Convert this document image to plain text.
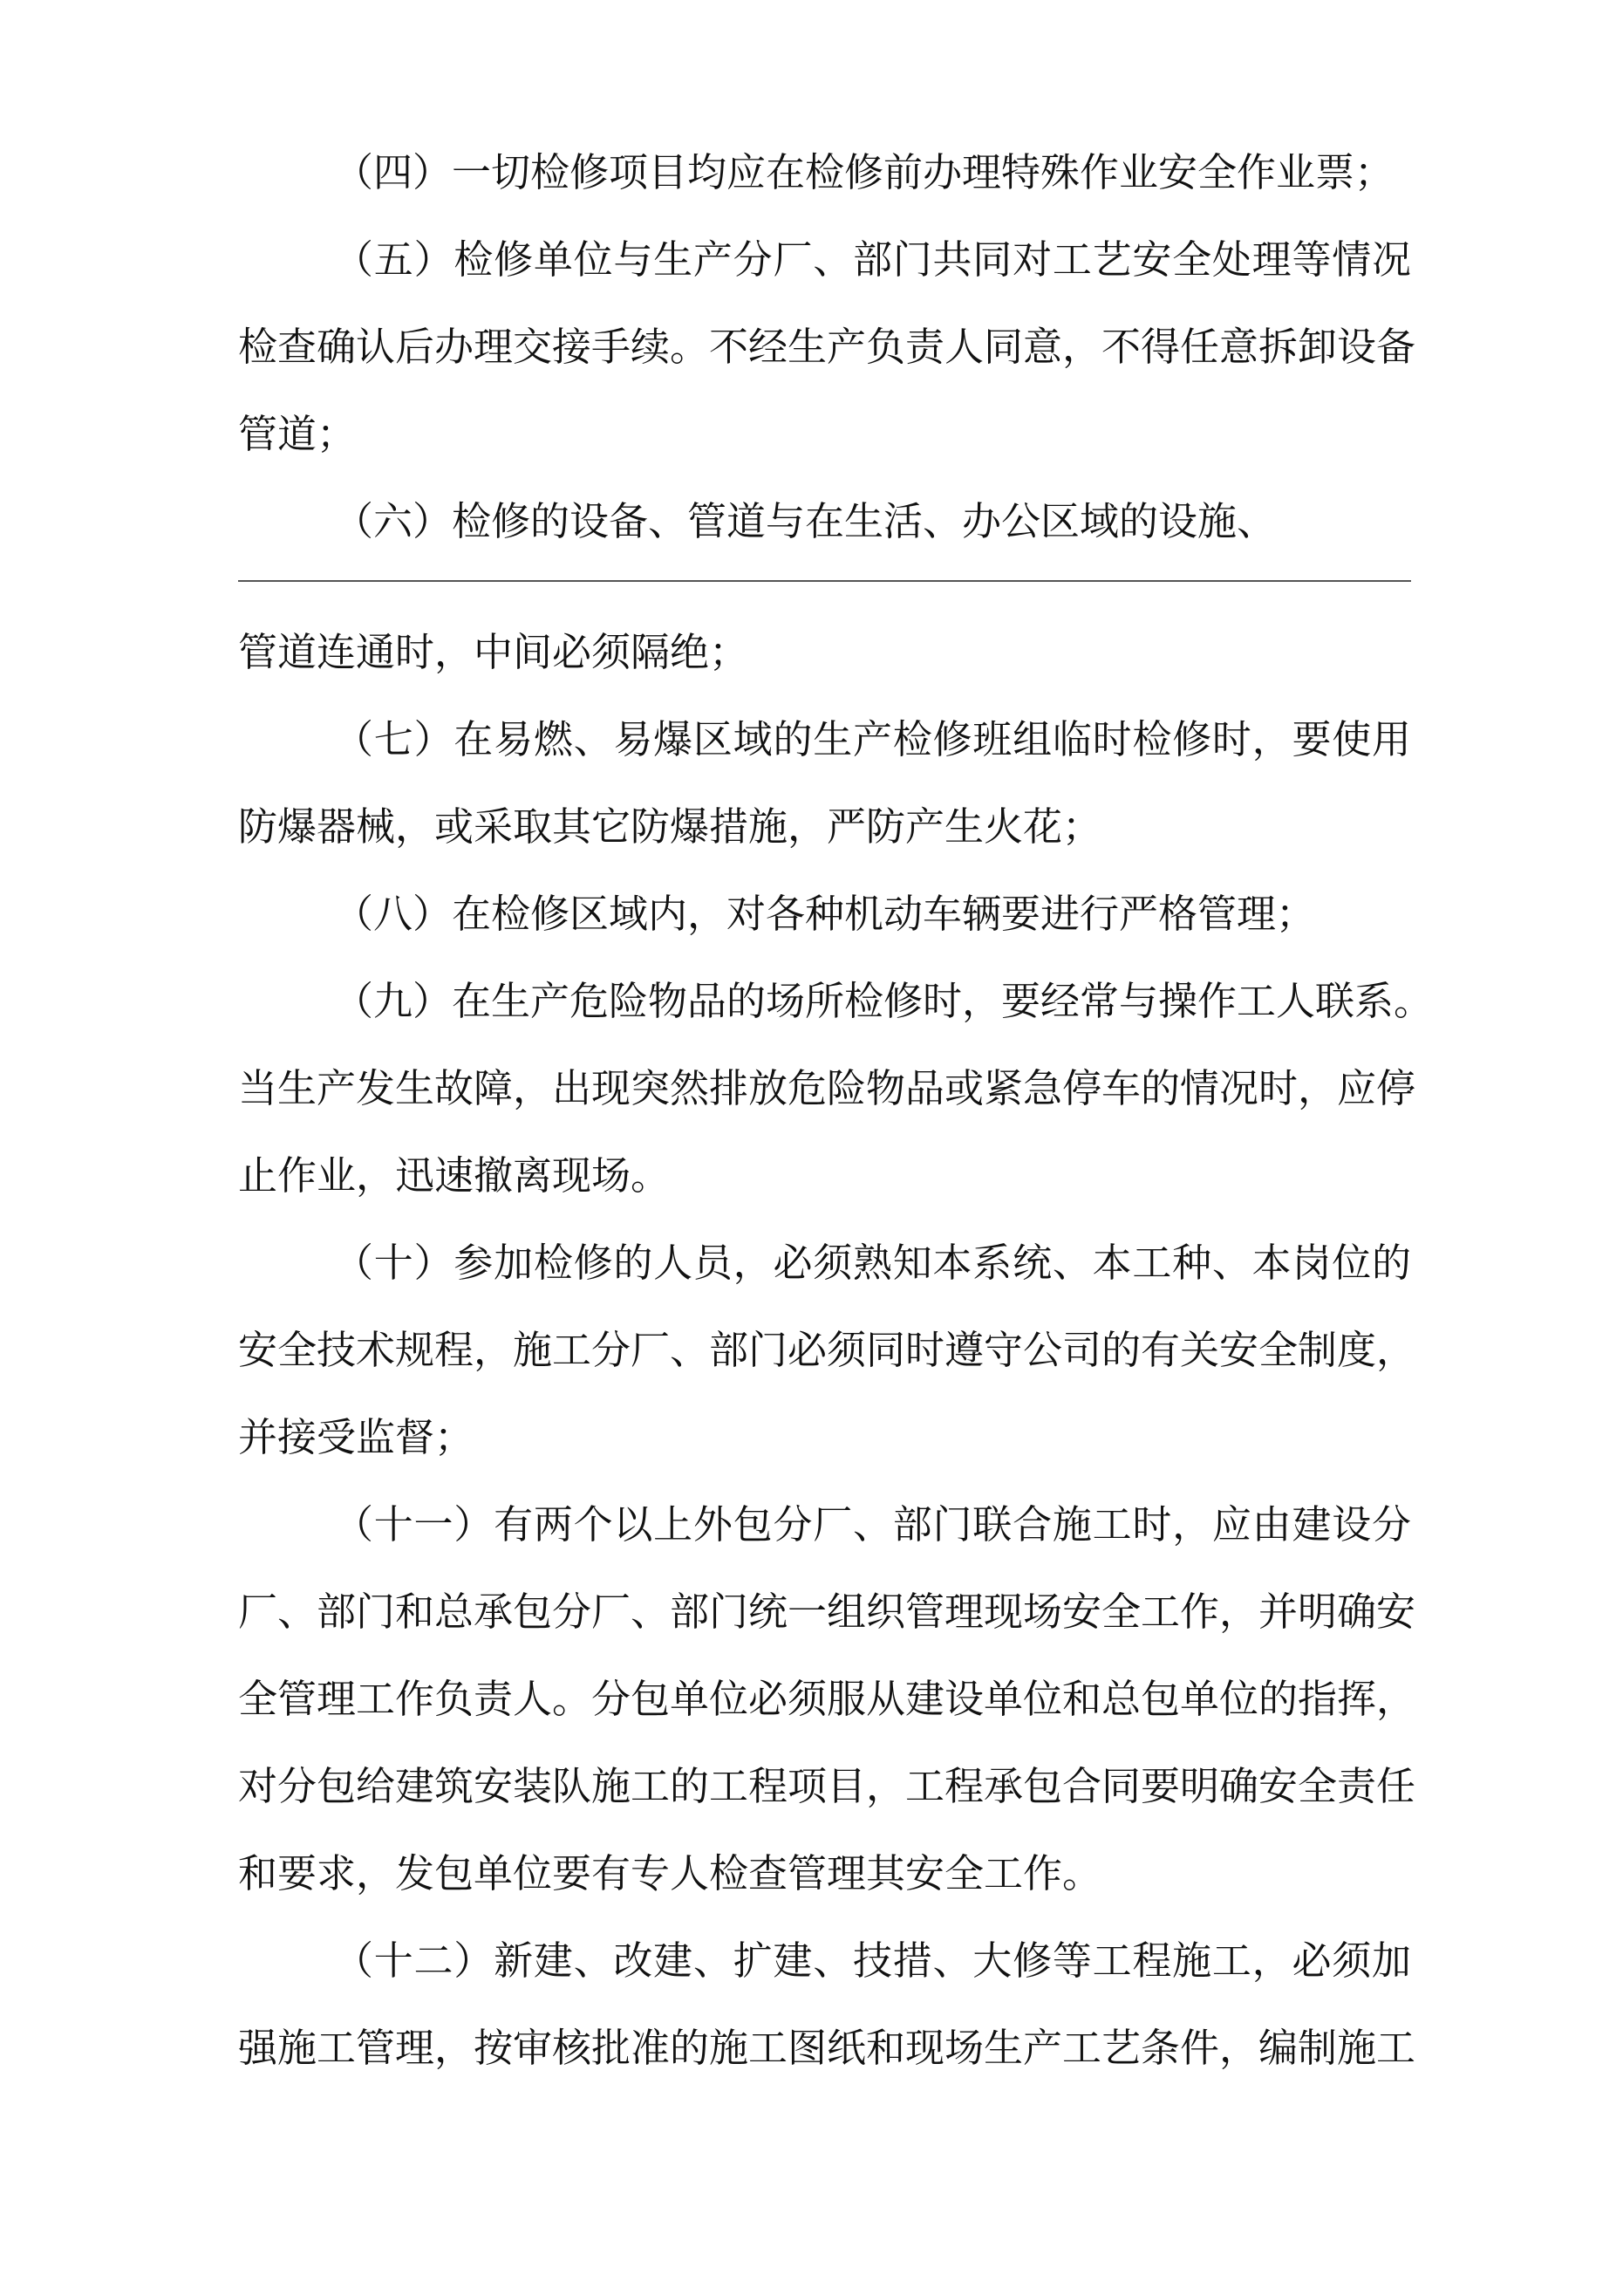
（四）一切检修项目均应在检修前办理特殊作业安全作业票；
（五）检修单位与生产分厂、部门共同对工艺安全处理等情况
检查确认后办理交接手续。不经生产负责人同意，不得任意拆卸设备
管道；
（六）检修的设备、管道与在生活、办公区域的设施、
管道连通时，中间必须隔绝；
（七）在易燃、易爆区域的生产检修班组临时检修时，要使用
防爆器械，或采取其它防爆措施，严防产生火花；
（八）在检修区域内，对各种机动车辆要进行严格管理；
（九）在生产危险物品的场所检修时，要经常与操作工人联系。
当生产发生故障，出现突然排放危险物品或紧急停车的情况时，应停
止作业，迅速撤离现场。
（十）参加检修的人员，必须熟知本系统、本工种、本岗位的
安全技术规程，施工分厂、部门必须同时遵守公司的有关安全制度，
并接受监督；
（十一）有两个以上外包分厂、部门联合施工时，应由建设分
厂、部门和总承包分厂、部门统一组织管理现场安全工作，并明确安
全管理工作负责人。分包单位必须服从建设单位和总包单位的指挥，
对分包给建筑安装队施工的工程项目，工程承包合同要明确安全责任
和要求，发包单位要有专人检查管理其安全工作。
（十二）新建、改建、扩建、技措、大修等工程施工，必须加
强施工管理，按审核批准的施工图纸和现场生产工艺条件，编制施工
